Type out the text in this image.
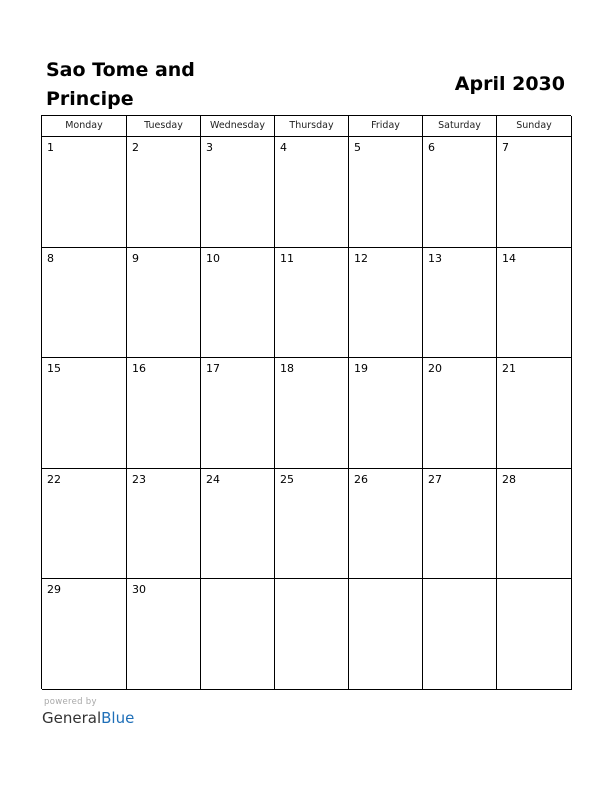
Sao Tome and
Principe
April 2030
Monday	Tuesday	Wednesday	Thursday	Friday	Saturday	Sunday
1	2	3	4	5	6	7
8	9	10	11	12	13	14
15	16	17	18	19	20	21
22	23	24	25	26	27	28
29	30
powered by
GeneralBlue
